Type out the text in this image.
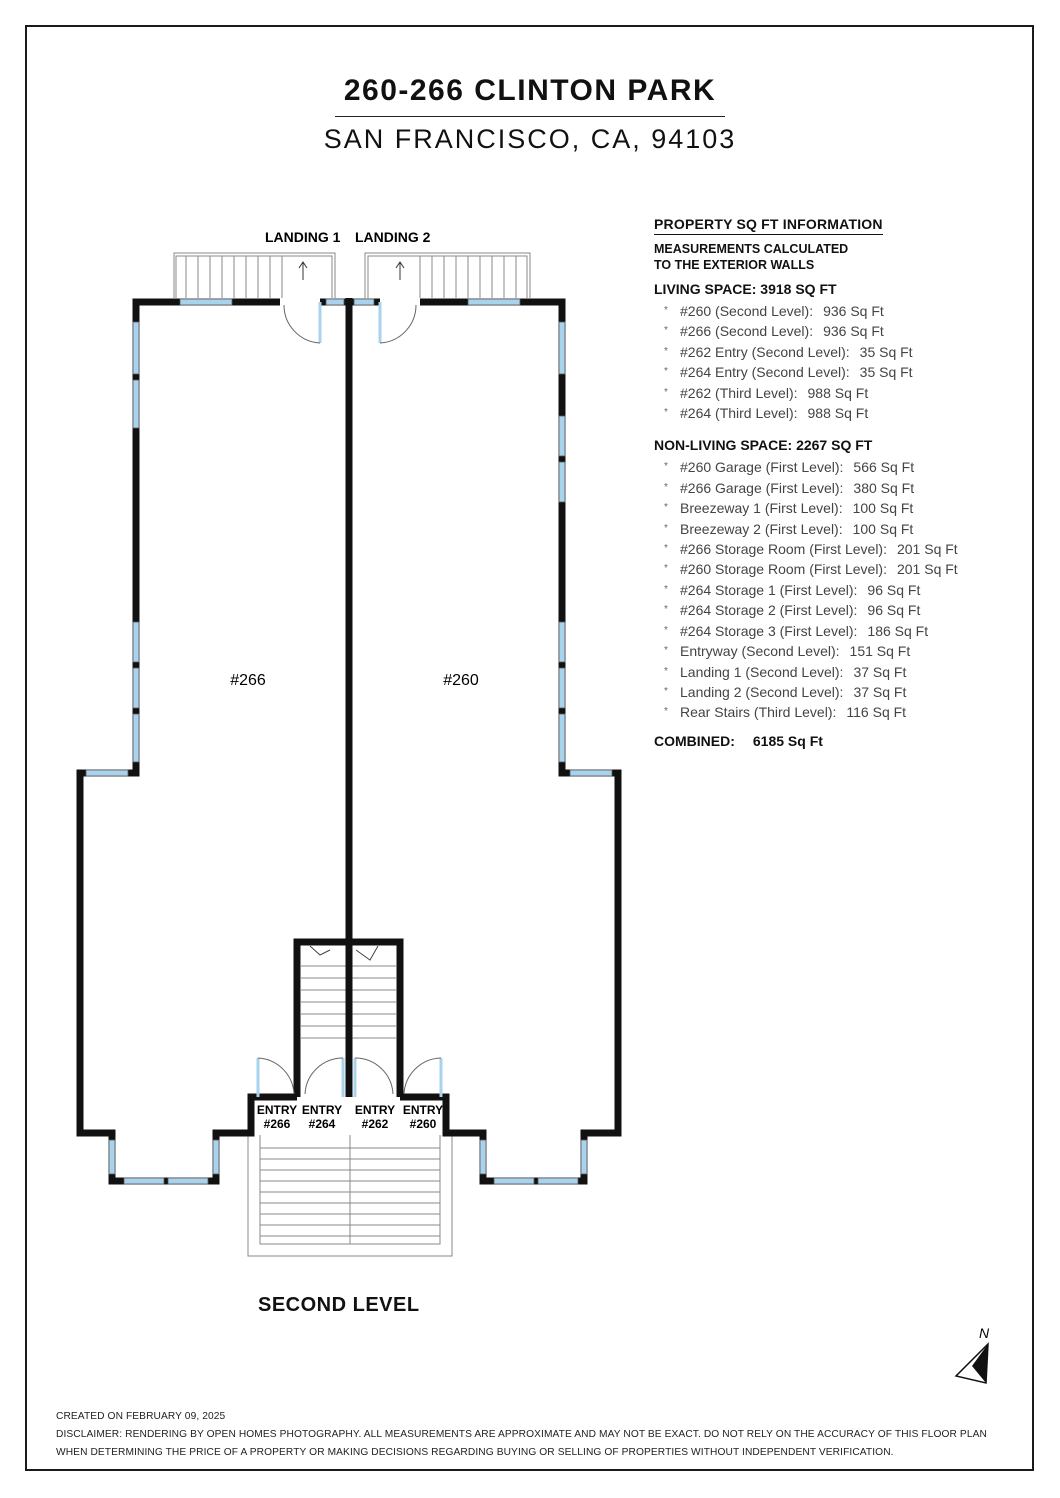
260-266 CLINTON PARK
SAN FRANCISCO, CA, 94103
PROPERTY SQ FT INFORMATION
MEASUREMENTS CALCULATED
TO THE EXTERIOR WALLS
LIVING SPACE: 3918 SQ FT
* #260 (Second Level): 936 Sq Ft
* #266 (Second Level): 936 Sq Ft
* #262 Entry (Second Level): 35 Sq Ft
* #264 Entry (Second Level): 35 Sq Ft
* #262 (Third Level): 988 Sq Ft
* #264 (Third Level): 988 Sq Ft
NON-LIVING SPACE: 2267 SQ FT
* #260 Garage (First Level): 566 Sq Ft
* #266 Garage (First Level): 380 Sq Ft
* Breezeway 1 (First Level): 100 Sq Ft
* Breezeway 2 (First Level): 100 Sq Ft
* #266 Storage Room (First Level): 201 Sq Ft
* #260 Storage Room (First Level): 201 Sq Ft
* #264 Storage 1 (First Level): 96 Sq Ft
* #264 Storage 2 (First Level): 96 Sq Ft
* #264 Storage 3 (First Level): 186 Sq Ft
* Entryway (Second Level): 151 Sq Ft
* Landing 1 (Second Level): 37 Sq Ft
* Landing 2 (Second Level): 37 Sq Ft
* Rear Stairs (Third Level): 116 Sq Ft
COMBINED: 6185 Sq Ft
LANDING 1 LANDING 2
#266	#260
ENTRY
#266
ENTRY
#264
ENTRY
#262
ENTRY
#260
N
SECOND LEVEL
CREATED ON FEBRUARY 09, 2025
DISCLAIMER: RENDERING BY OPEN HOMES PHOTOGRAPHY. ALL MEASUREMENTS ARE APPROXIMATE AND MAY NOT BE EXACT. DO NOT RELY ON THE ACCURACY OF THIS FLOOR PLAN
WHEN DETERMINING THE PRICE OF A PROPERTY OR MAKING DECISIONS REGARDING BUYING OR SELLING OF PROPERTIES WITHOUT INDEPENDENT VERIFICATION.
